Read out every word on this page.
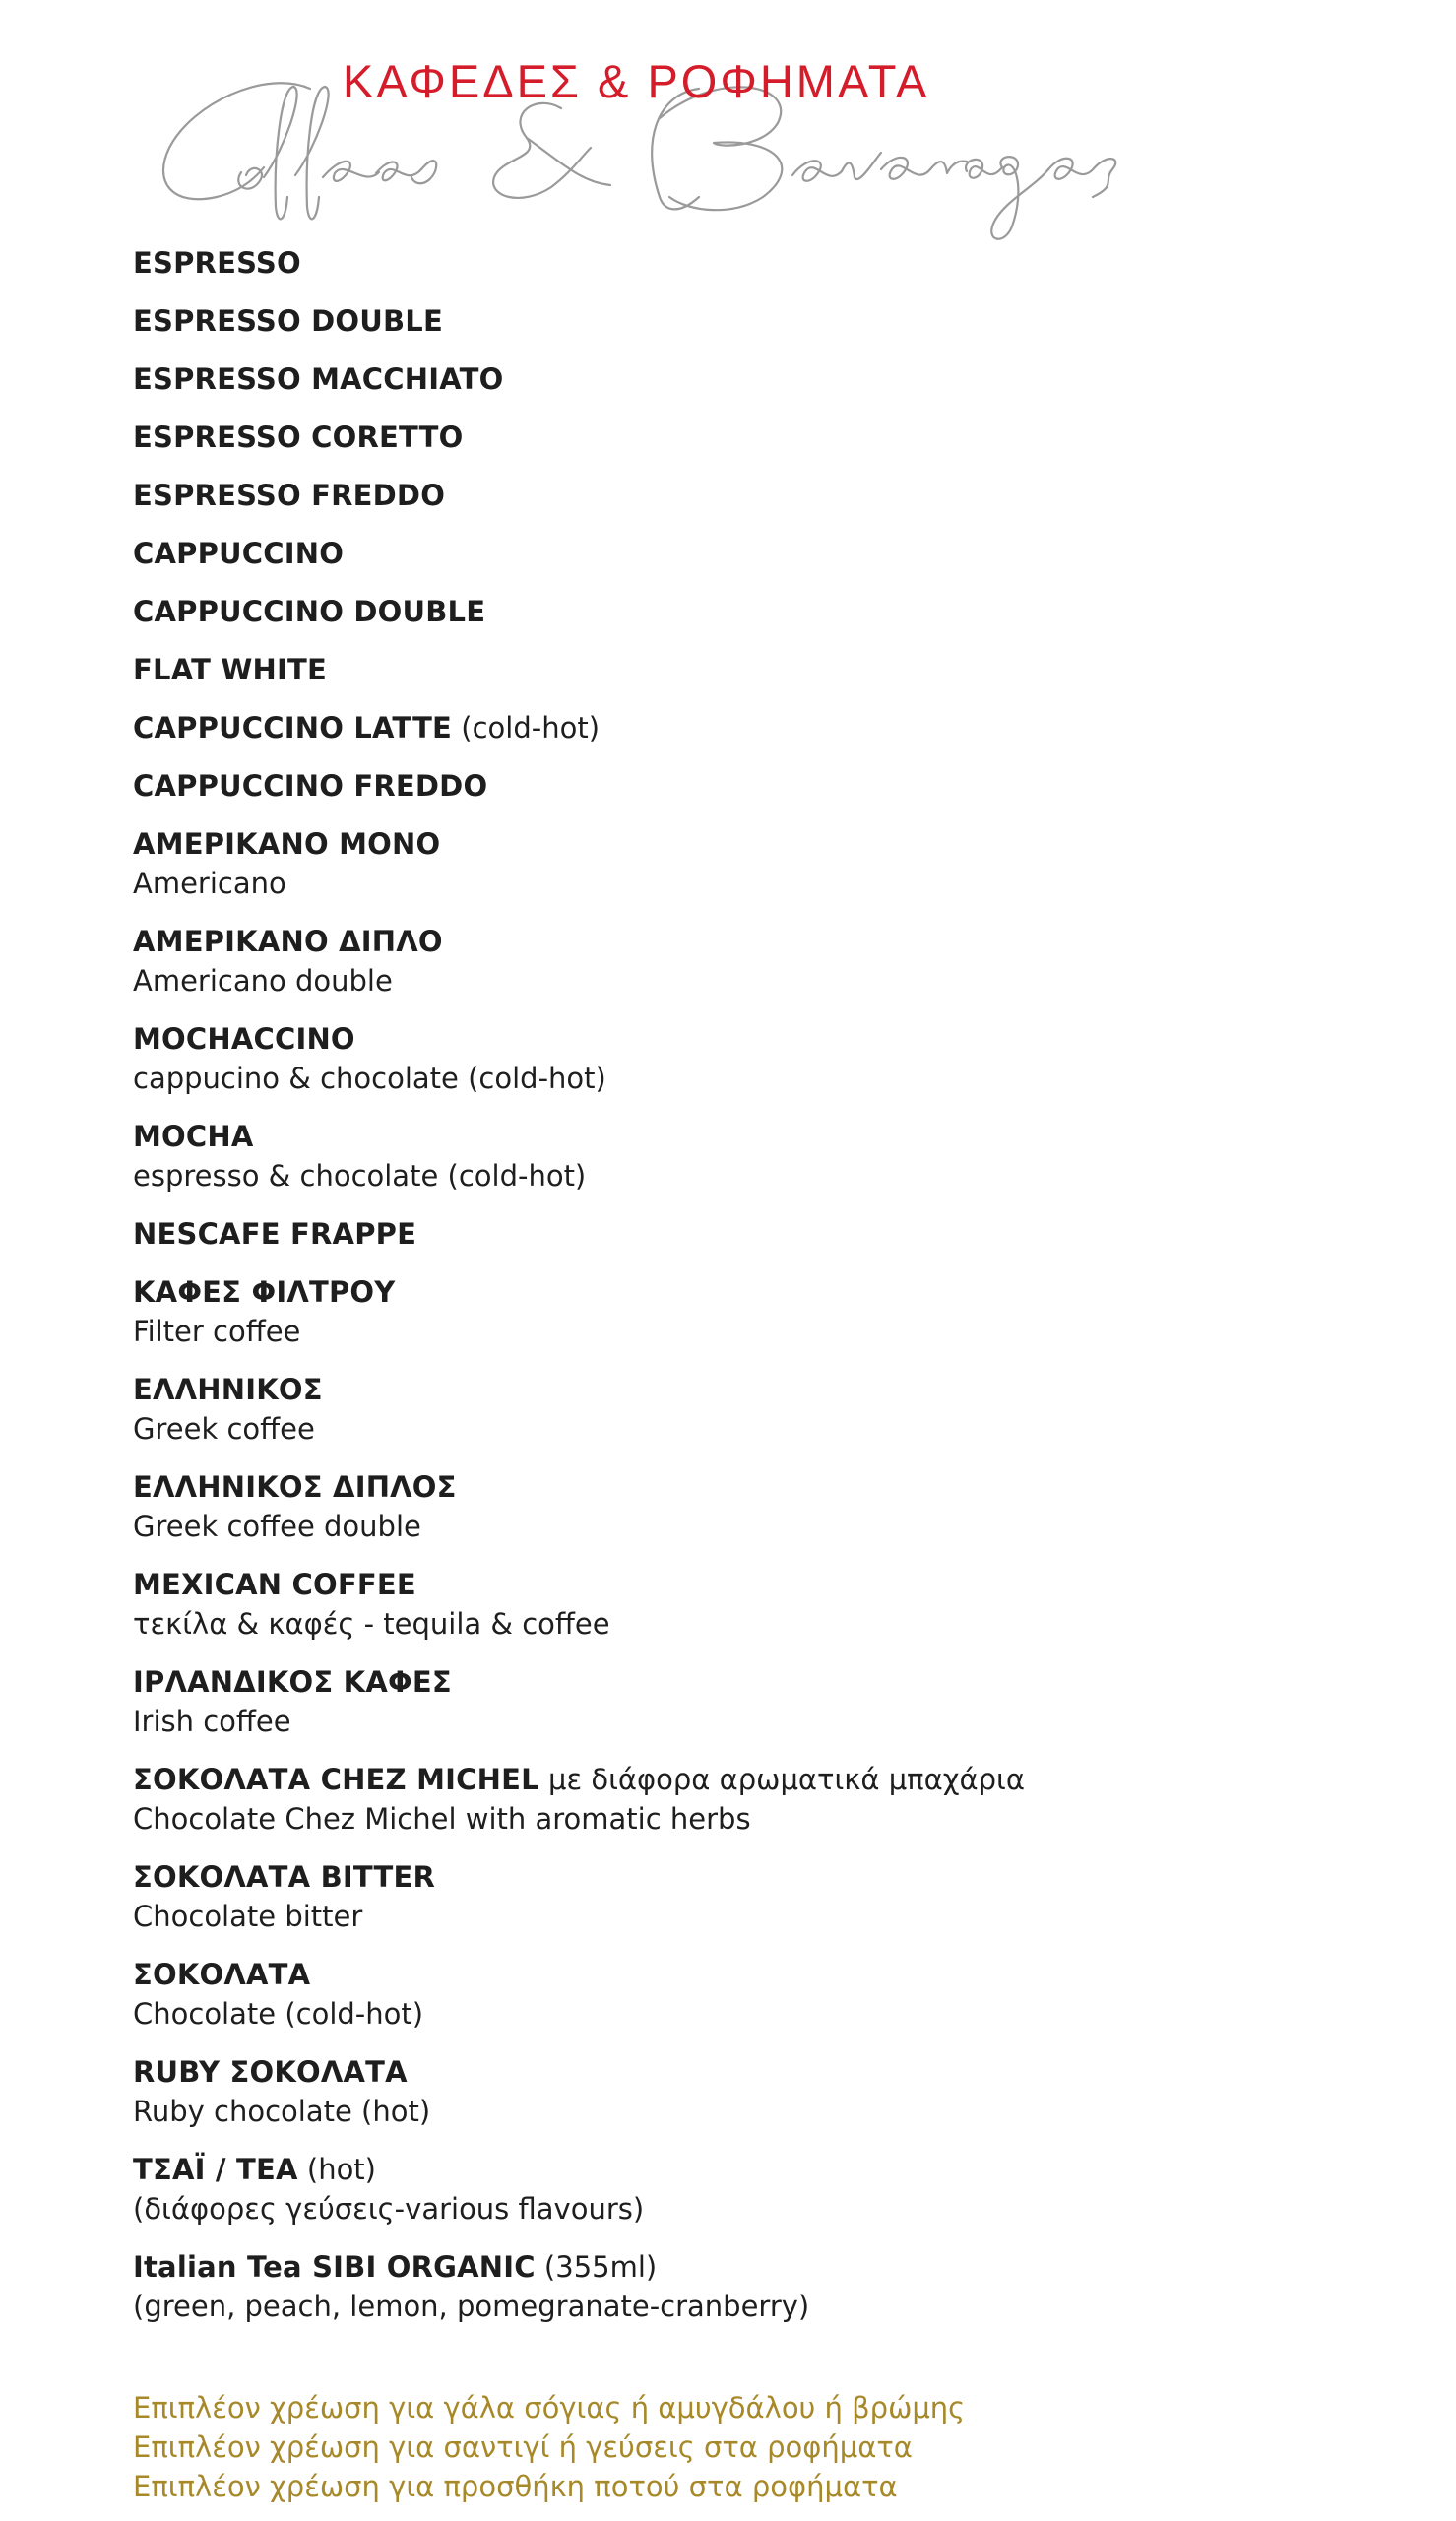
ΚΑΦΕΔΕΣ & ΡΟΦΗΜΑΤΑ
ESPRESSO
ESPRESSO DOUBLE
ESPRESSO MACCHIATO
ESPRESSO CORETTO
ESPRESSO FREDDO
CAPPUCCINO
CAPPUCCINO DOUBLE
FLAT WHITE
CAPPUCCINO LATTE (cold-hot)
CAPPUCCINO FREDDO
ΑΜΕΡΙΚΑΝΟ ΜΟΝΟ
Americano
ΑΜΕΡΙΚΑΝΟ ΔΙΠΛΟ
Americano double
MOCHACCINO
cappucino & chocolate (cold-hot)
MOCHA
espresso & chocolate (cold-hot)
NESCAFE FRAPPE
ΚΑΦΕΣ ΦΙΛΤΡΟΥ
Filter coffee
ΕΛΛΗΝΙΚΟΣ
Greek coffee
ΕΛΛΗΝΙΚΟΣ ΔΙΠΛΟΣ
Greek coffee double
MEXICAN COFFEE
τεκίλα & καφές - tequila & coffee
ΙΡΛΑΝΔΙΚΟΣ ΚΑΦΕΣ
Irish coffee
ΣΟΚΟΛΑΤΑ CHEZ MICHEL με διάφορα αρωματικά μπαχάρια
Chocolate Chez Michel with aromatic herbs
ΣΟΚΟΛΑΤΑ BITTER
Chocolate bitter
ΣΟΚΟΛΑΤΑ
Chocolate (cold-hot)
RUBY ΣΟΚΟΛΑΤΑ
Ruby chocolate (hot)
ΤΣΑΪ / TEA (hot)
(διάφορες γεύσεις-various flavours)
Italian Tea SIBI ORGANIC (355ml)
(green, peach, lemon, pomegranate-cranberry)
Επιπλέον χρέωση για γάλα σόγιας ή αμυγδάλου ή βρώμης
Επιπλέον χρέωση για σαντιγί ή γεύσεις στα ροφήματα
Επιπλέον χρέωση για προσθήκη ποτού στα ροφήματα
